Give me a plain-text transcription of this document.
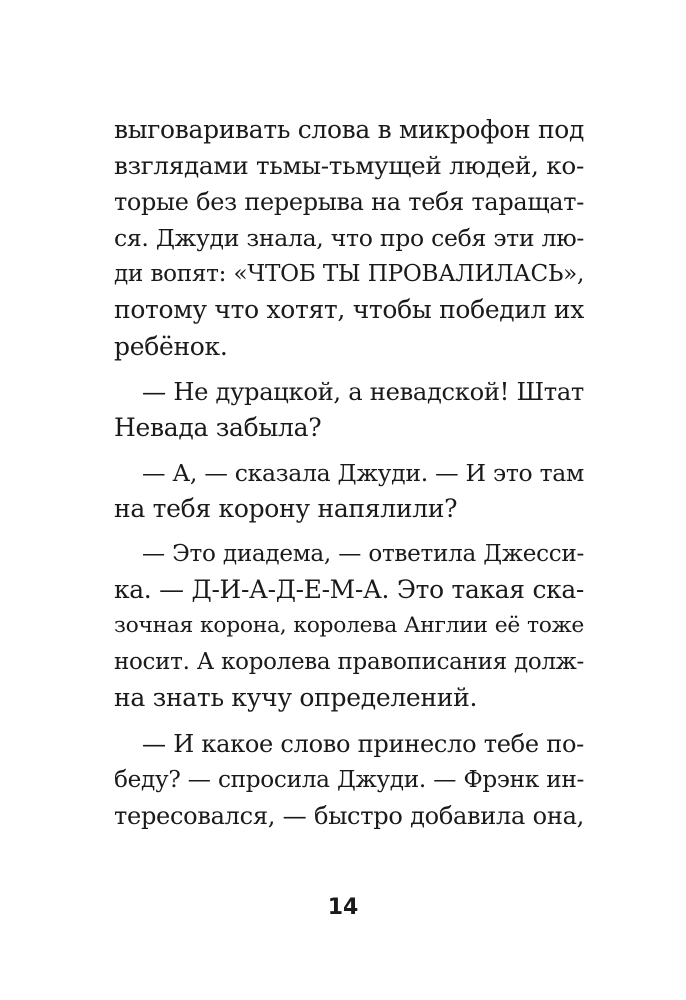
выговаривать слова в микрофон под
взглядами тьмы-тьмущей людей, ко-
торые без перерыва на тебя таращат-
ся. Джуди знала, что про себя эти лю-
ди вопят: «ЧТОБ ТЫ ПРОВАЛИЛАСЬ»,
потому что хотят, чтобы победил их
ребёнок.
— Не дурацкой, а невадской! Штат
Невада забыла?
— А, — сказала Джуди. — И это там
на тебя корону напялили?
— Это диадема, — ответила Джесси-
ка. — Д-И-А-Д-Е-М-А. Это такая ска-
зочная корона, королева Англии её тоже
носит. А королева правописания долж-
на знать кучу определений.
— И какое слово принесло тебе по-
беду? — спросила Джуди. — Фрэнк ин-
тересовался, — быстро добавила она,
14
